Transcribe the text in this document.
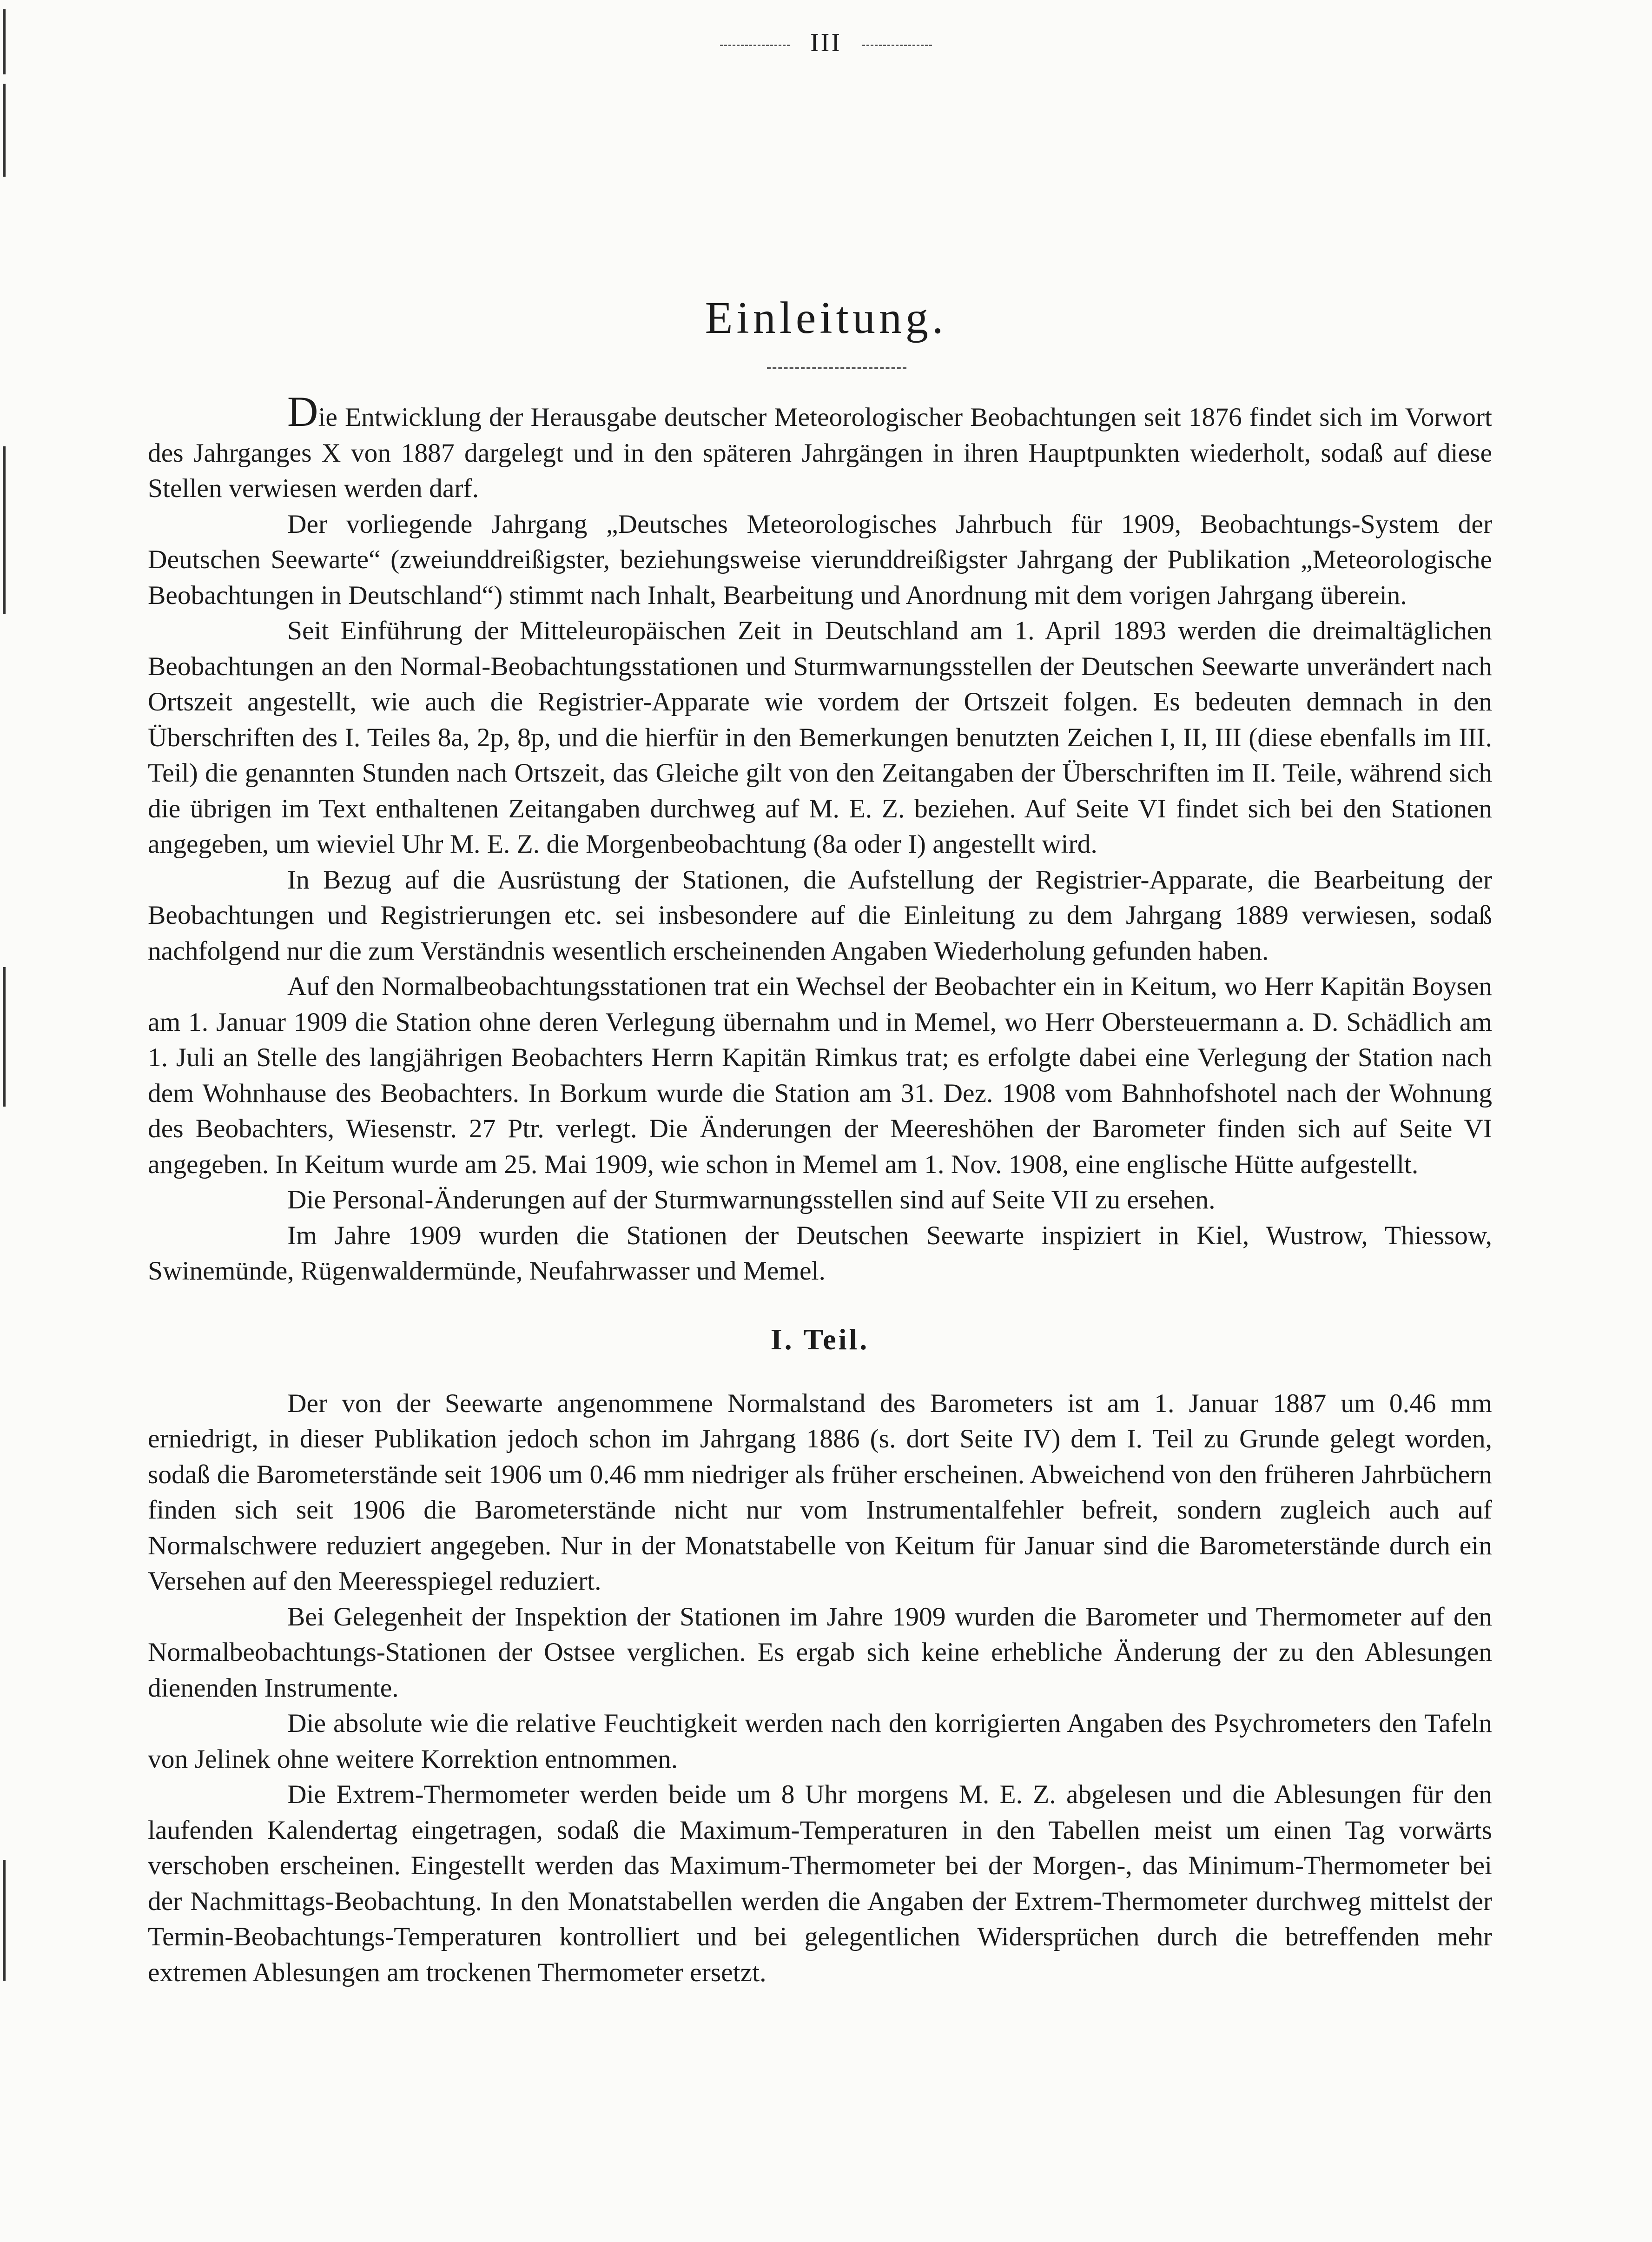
III
Einleitung.

Die Entwicklung der Herausgabe deutscher Meteorologischer Beobachtungen seit 1876 findet sich im Vorwort des Jahrganges X von 1887 dargelegt und in den späteren Jahrgängen in ihren Hauptpunkten wiederholt, sodaß auf diese Stellen verwiesen werden darf.

Der vorliegende Jahrgang „Deutsches Meteorologisches Jahrbuch für 1909, Beobachtungs-System der Deutschen Seewarte“ (zweiunddreißigster, beziehungsweise vierunddreißigster Jahrgang der Publikation „Meteorologische Beobachtungen in Deutschland“) stimmt nach Inhalt, Bearbeitung und Anordnung mit dem vorigen Jahrgang überein.

Seit Einführung der Mitteleuropäischen Zeit in Deutschland am 1. April 1893 werden die dreimaltäglichen Beobachtungen an den Normal-Beobachtungsstationen und Sturmwarnungsstellen der Deutschen Seewarte unverändert nach Ortszeit angestellt, wie auch die Registrier-Apparate wie vordem der Ortszeit folgen. Es bedeuten demnach in den Überschriften des I. Teiles 8a, 2p, 8p, und die hierfür in den Bemerkungen benutzten Zeichen I, II, III (diese ebenfalls im III. Teil) die genannten Stunden nach Ortszeit, das Gleiche gilt von den Zeitangaben der Überschriften im II. Teile, während sich die übrigen im Text enthaltenen Zeitangaben durchweg auf M. E. Z. beziehen. Auf Seite VI findet sich bei den Stationen angegeben, um wieviel Uhr M. E. Z. die Morgenbeobachtung (8a oder I) angestellt wird.

In Bezug auf die Ausrüstung der Stationen, die Aufstellung der Registrier-Apparate, die Bearbeitung der Beobachtungen und Registrierungen etc. sei insbesondere auf die Einleitung zu dem Jahrgang 1889 verwiesen, sodaß nachfolgend nur die zum Verständnis wesentlich erscheinenden Angaben Wiederholung gefunden haben.

Auf den Normalbeobachtungsstationen trat ein Wechsel der Beobachter ein in Keitum, wo Herr Kapitän Boysen am 1. Januar 1909 die Station ohne deren Verlegung übernahm und in Memel, wo Herr Obersteuermann a. D. Schädlich am 1. Juli an Stelle des langjährigen Beobachters Herrn Kapitän Rimkus trat; es erfolgte dabei eine Verlegung der Station nach dem Wohnhause des Beobachters. In Borkum wurde die Station am 31. Dez. 1908 vom Bahnhofshotel nach der Wohnung des Beobachters, Wiesenstr. 27 Ptr. verlegt. Die Änderungen der Meereshöhen der Barometer finden sich auf Seite VI angegeben. In Keitum wurde am 25. Mai 1909, wie schon in Memel am 1. Nov. 1908, eine englische Hütte aufgestellt.

Die Personal-Änderungen auf der Sturmwarnungsstellen sind auf Seite VII zu ersehen.

Im Jahre 1909 wurden die Stationen der Deutschen Seewarte inspiziert in Kiel, Wustrow, Thiessow, Swinemünde, Rügenwaldermünde, Neufahrwasser und Memel.

I. Teil.

Der von der Seewarte angenommene Normalstand des Barometers ist am 1. Januar 1887 um 0.46 mm erniedrigt, in dieser Publikation jedoch schon im Jahrgang 1886 (s. dort Seite IV) dem I. Teil zu Grunde gelegt worden, sodaß die Barometerstände seit 1906 um 0.46 mm niedriger als früher erscheinen. Abweichend von den früheren Jahrbüchern finden sich seit 1906 die Barometerstände nicht nur vom Instrumentalfehler befreit, sondern zugleich auch auf Normalschwere reduziert angegeben. Nur in der Monatstabelle von Keitum für Januar sind die Barometerstände durch ein Versehen auf den Meeresspiegel reduziert.

Bei Gelegenheit der Inspektion der Stationen im Jahre 1909 wurden die Barometer und Thermometer auf den Normalbeobachtungs-Stationen der Ostsee verglichen. Es ergab sich keine erhebliche Änderung der zu den Ablesungen dienenden Instrumente.

Die absolute wie die relative Feuchtigkeit werden nach den korrigierten Angaben des Psychrometers den Tafeln von Jelinek ohne weitere Korrektion entnommen.

Die Extrem-Thermometer werden beide um 8 Uhr morgens M. E. Z. abgelesen und die Ablesungen für den laufenden Kalendertag eingetragen, sodaß die Maximum-Temperaturen in den Tabellen meist um einen Tag vorwärts verschoben erscheinen. Eingestellt werden das Maximum-Thermometer bei der Morgen-, das Minimum-Thermometer bei der Nachmittags-Beobachtung. In den Monatstabellen werden die Angaben der Extrem-Thermometer durchweg mittelst der Termin-Beobachtungs-Temperaturen kontrolliert und bei gelegentlichen Widersprüchen durch die betreffenden mehr extremen Ablesungen am trockenen Thermometer ersetzt.
